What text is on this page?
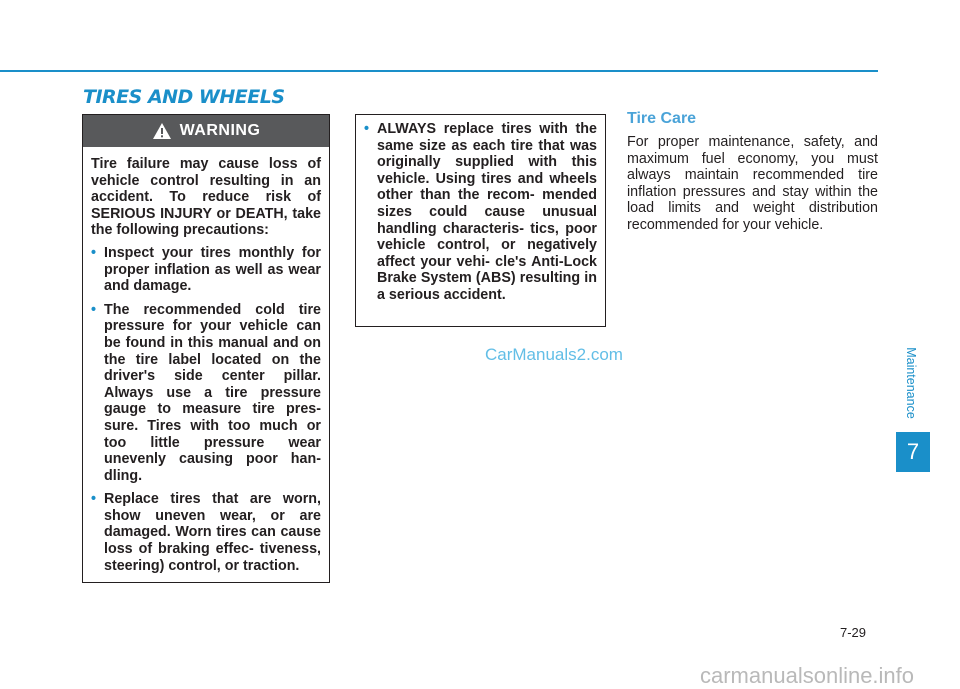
TIRES AND WHEELS
WARNING

Tire failure may cause loss of vehicle control resulting in an accident. To reduce risk of SERIOUS INJURY or DEATH, take the following precautions:

• Inspect your tires monthly for proper inflation as well as wear and damage.
• The recommended cold tire pressure for your vehicle can be found in this manual and on the tire label located on the driver's side center pillar. Always use a tire pressure gauge to measure tire pres- sure. Tires with too much or too little pressure wear unevenly causing poor han- dling.
• Replace tires that are worn, show uneven wear, or are damaged. Worn tires can cause loss of braking effec- tiveness, steering) control, or traction.
• ALWAYS replace tires with the same size as each tire that was originally supplied with this vehicle. Using tires and wheels other than the recom- mended sizes could cause unusual handling characteris- tics, poor vehicle control, or negatively affect your vehi- cle's Anti-Lock Brake System (ABS) resulting in a serious accident.
Tire Care

For proper maintenance, safety, and maximum fuel economy, you must always maintain recommended tire inflation pressures and stay within the load limits and weight distribution recommended for your vehicle.

CarManuals2.com	Maintenance
7
7-29
carmanualsonline.info
